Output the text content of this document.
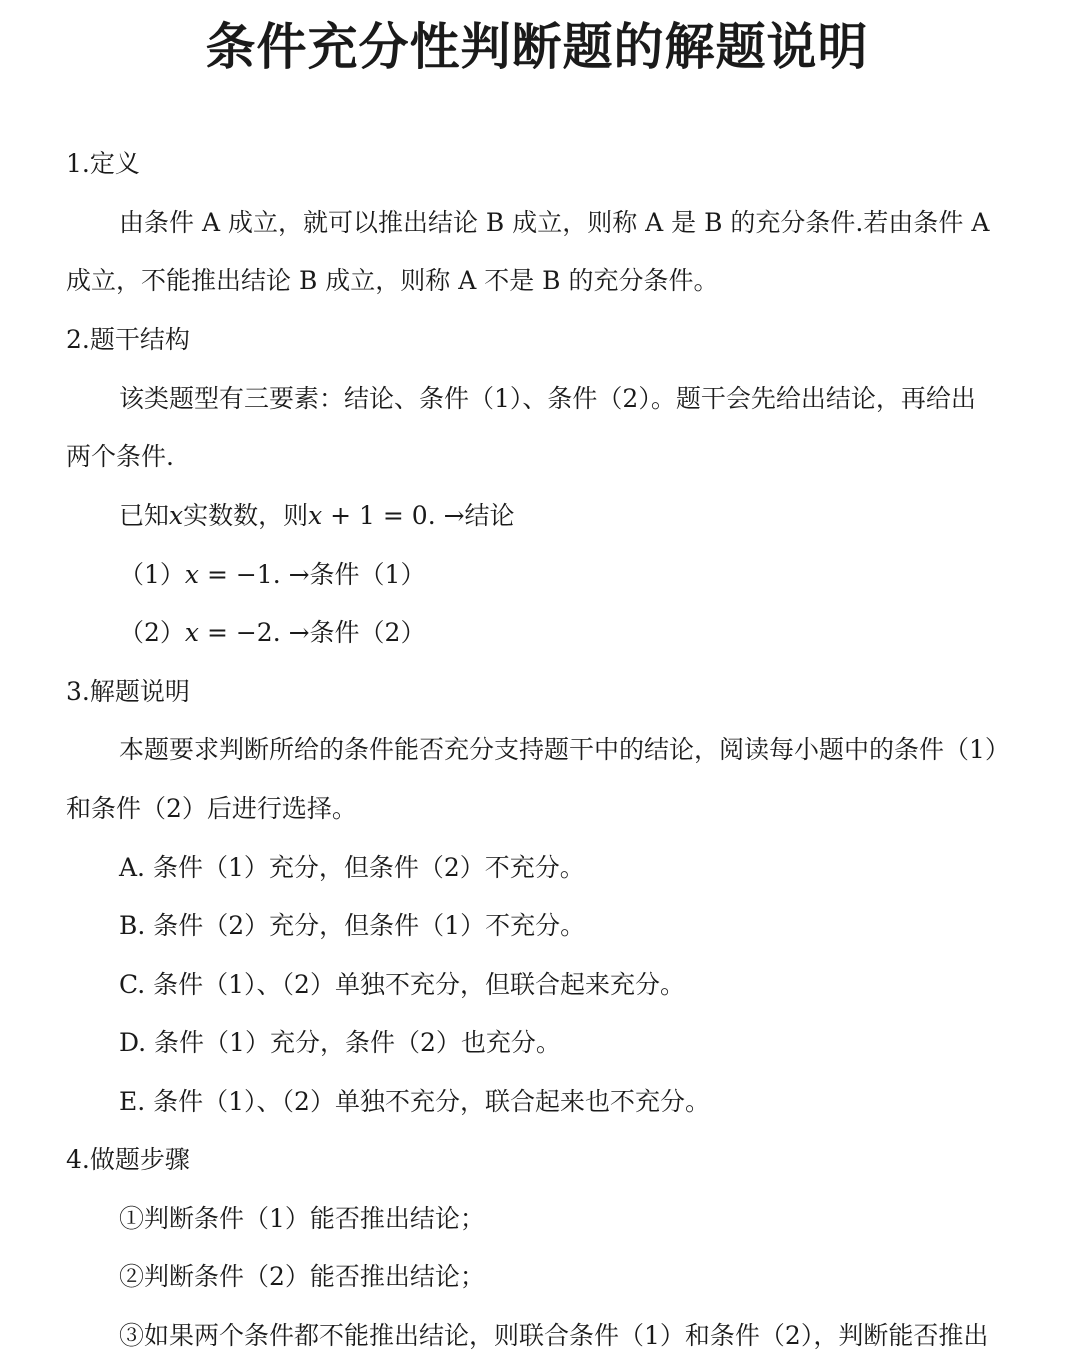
条件充分性判断题的解题说明
1.定义
由条件 A 成立，就可以推出结论 B 成立，则称 A 是 B 的充分条件.若由条件 A
成立，不能推出结论 B 成立，则称 A 不是 B 的充分条件。
2.题干结构
该类题型有三要素：结论、条件（1）、条件（2）。题干会先给出结论，再给出
两个条件.
已知𝑥实数数，则𝑥 + 1 = 0. →结论
（1）𝑥 = −1. →条件（1）
（2）𝑥 = −2. →条件（2）
3.解题说明
本题要求判断所给的条件能否充分支持题干中的结论，阅读每小题中的条件（1）
和条件（2）后进行选择。
A. 条件（1）充分，但条件（2）不充分。
B. 条件（2）充分，但条件（1）不充分。
C. 条件（1）、（2）单独不充分，但联合起来充分。
D. 条件（1）充分，条件（2）也充分。
E. 条件（1）、（2）单独不充分，联合起来也不充分。
4.做题步骤
①判断条件（1）能否推出结论；
②判断条件（2）能否推出结论；
③如果两个条件都不能推出结论，则联合条件（1）和条件（2），判断能否推出
